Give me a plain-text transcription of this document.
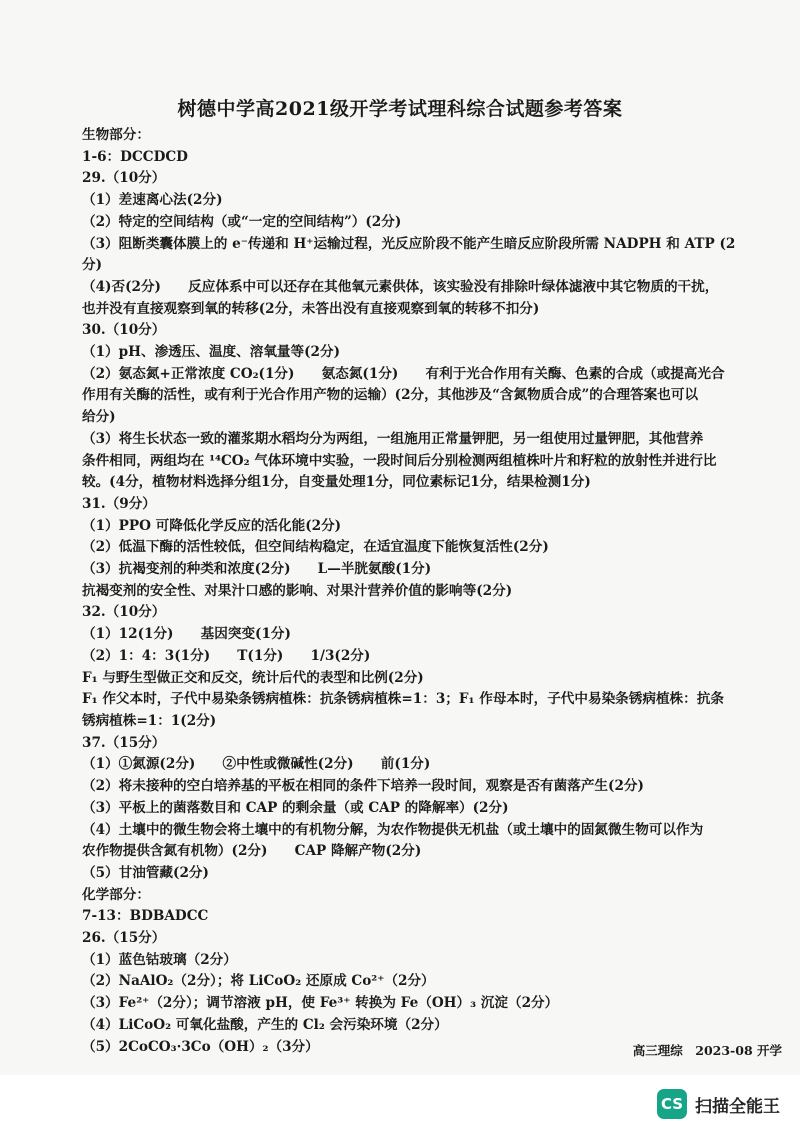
树德中学高2021级开学考试理科综合试题参考答案
生物部分：
1-6：DCCDCD
29.（10分）
（1）差速离心法(2分)
（2）特定的空间结构（或“一定的空间结构”）(2分)
（3）阻断类囊体膜上的 e⁻传递和 H⁺运输过程，光反应阶段不能产生暗反应阶段所需 NADPH 和 ATP (2
分)
（4)否(2分)　　反应体系中可以还存在其他氧元素供体，该实验没有排除叶绿体滤液中其它物质的干扰，
也并没有直接观察到氧的转移(2分，未答出没有直接观察到氧的转移不扣分)
30.（10分）
（1）pH、渗透压、温度、溶氧量等(2分)
（2）氨态氮+正常浓度 CO₂(1分)　　氨态氮(1分)　　有利于光合作用有关酶、色素的合成（或提高光合
作用有关酶的活性，或有利于光合作用产物的运输）(2分，其他涉及“含氮物质合成”的合理答案也可以
给分)
（3）将生长状态一致的灌浆期水稻均分为两组，一组施用正常量钾肥，另一组使用过量钾肥，其他营养
条件相同，两组均在 ¹⁴CO₂ 气体环境中实验，一段时间后分别检测两组植株叶片和籽粒的放射性并进行比
较。(4分，植物材料选择分组1分，自变量处理1分，同位素标记1分，结果检测1分)
31.（9分）
（1）PPO 可降低化学反应的活化能(2分)
（2）低温下酶的活性较低，但空间结构稳定，在适宜温度下能恢复活性(2分)
（3）抗褐变剂的种类和浓度(2分)　　L—半胱氨酸(1分)
抗褐变剂的安全性、对果汁口感的影响、对果汁营养价值的影响等(2分)
32.（10分）
（1）12(1分)　　基因突变(1分)
（2）1：4：3(1分)　　T(1分)　　1/3(2分)
F₁ 与野生型做正交和反交，统计后代的表型和比例(2分)
F₁ 作父本时，子代中易染条锈病植株：抗条锈病植株=1：3；F₁ 作母本时，子代中易染条锈病植株：抗条
锈病植株=1：1(2分)
37.（15分）
（1）①氮源(2分)　　②中性或微碱性(2分)　　前(1分)
（2）将未接种的空白培养基的平板在相同的条件下培养一段时间，观察是否有菌落产生(2分)
（3）平板上的菌落数目和 CAP 的剩余量（或 CAP 的降解率）(2分)
（4）土壤中的微生物会将土壤中的有机物分解，为农作物提供无机盐（或土壤中的固氮微生物可以作为
农作物提供含氮有机物）(2分)　　CAP 降解产物(2分)
（5）甘油管藏(2分)
化学部分：
7-13：BDBADCC
26.（15分）
（1）蓝色钴玻璃（2分）
（2）NaAlO₂（2分）；将 LiCoO₂ 还原成 Co²⁺（2分）
（3）Fe²⁺（2分）；调节溶液 pH，使 Fe³⁺ 转换为 Fe（OH）₃ 沉淀（2分）
（4）LiCoO₂ 可氧化盐酸，产生的 Cl₂ 会污染环境（2分）
（5）2CoCO₃·3Co（OH）₂（3分）	高三理综　2023-08 开学
CS 扫描全能王
